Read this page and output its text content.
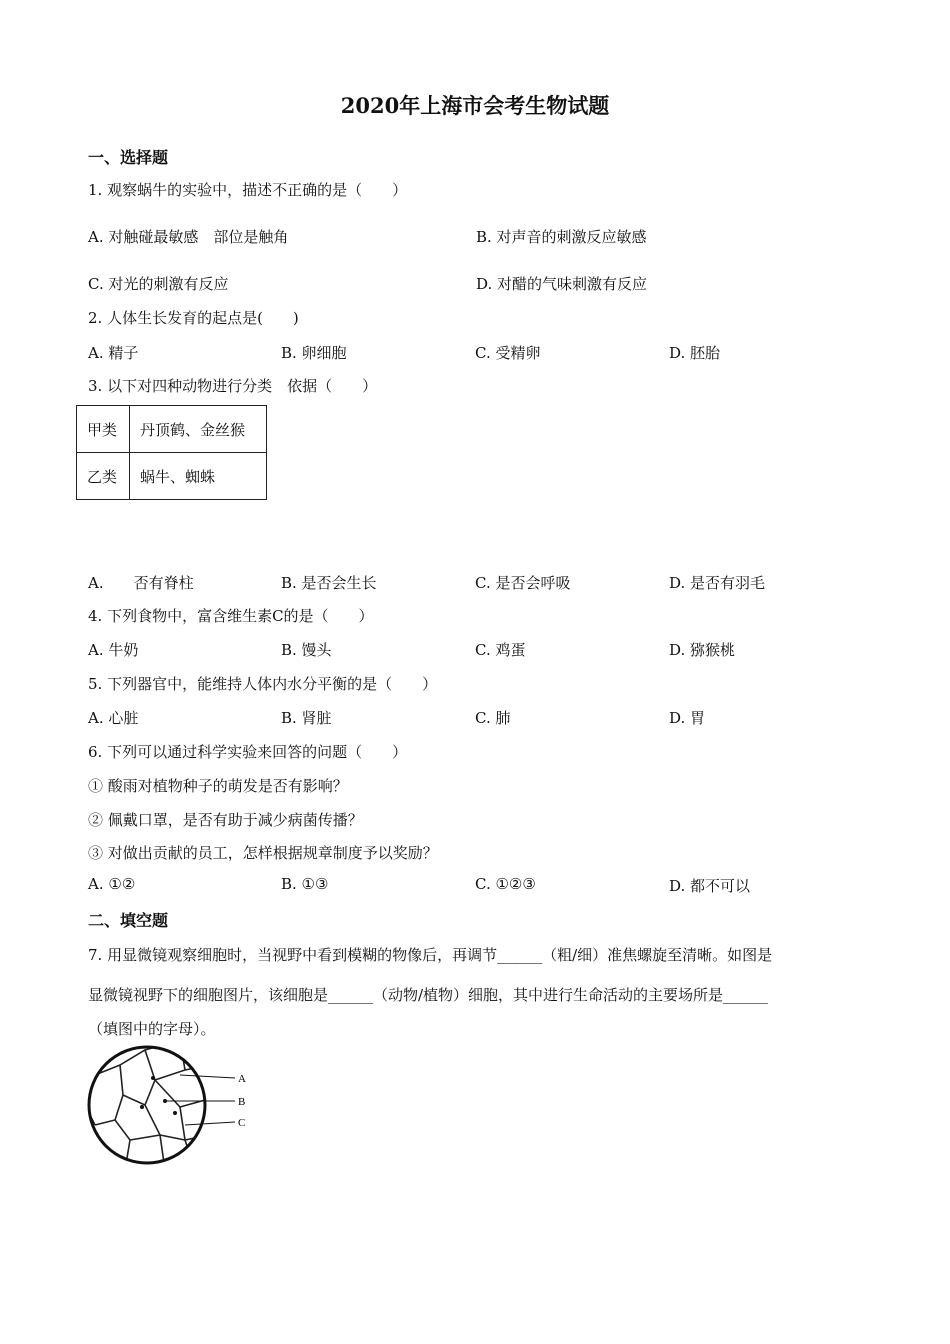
2020年上海市会考生物试题
一、选择题
1. 观察蜗牛的实验中，描述不正确的是（　　）
A. 对触碰最敏感　部位是触角	B. 对声音的刺激反应敏感
C. 对光的刺激有反应	D. 对醋的气味刺激有反应
2. 人体生长发育的起点是(　　)
A. 精子	B. 卵细胞	C. 受精卵	D. 胚胎
3. 以下对四种动物进行分类　依据（　　）
甲类	丹顶鹤、金丝猴
乙类	蜗牛、蜘蛛
A.　　否有脊柱	B. 是否会生长	C. 是否会呼吸	D. 是否有羽毛
4. 下列食物中，富含维生素C的是（　　）
A. 牛奶	B. 馒头	C. 鸡蛋	D. 猕猴桃
5. 下列器官中，能维持人体内水分平衡的是（　　）
A. 心脏	B. 肾脏	C. 肺	D. 胃
6. 下列可以通过科学实验来回答的问题（　　）
① 酸雨对植物种子的萌发是否有影响？
② 佩戴口罩，是否有助于减少病菌传播？
③ 对做出贡献的员工，怎样根据规章制度予以奖励？
A. ①②	B. ①③	C. ①②③	D. 都不可以
二、填空题
7. 用显微镜观察细胞时，当视野中看到模糊的物像后，再调节______（粗/细）准焦螺旋至清晰。如图是
显微镜视野下的细胞图片，该细胞是______（动物/植物）细胞，其中进行生命活动的主要场所是______
（填图中的字母）。
A
B
C
